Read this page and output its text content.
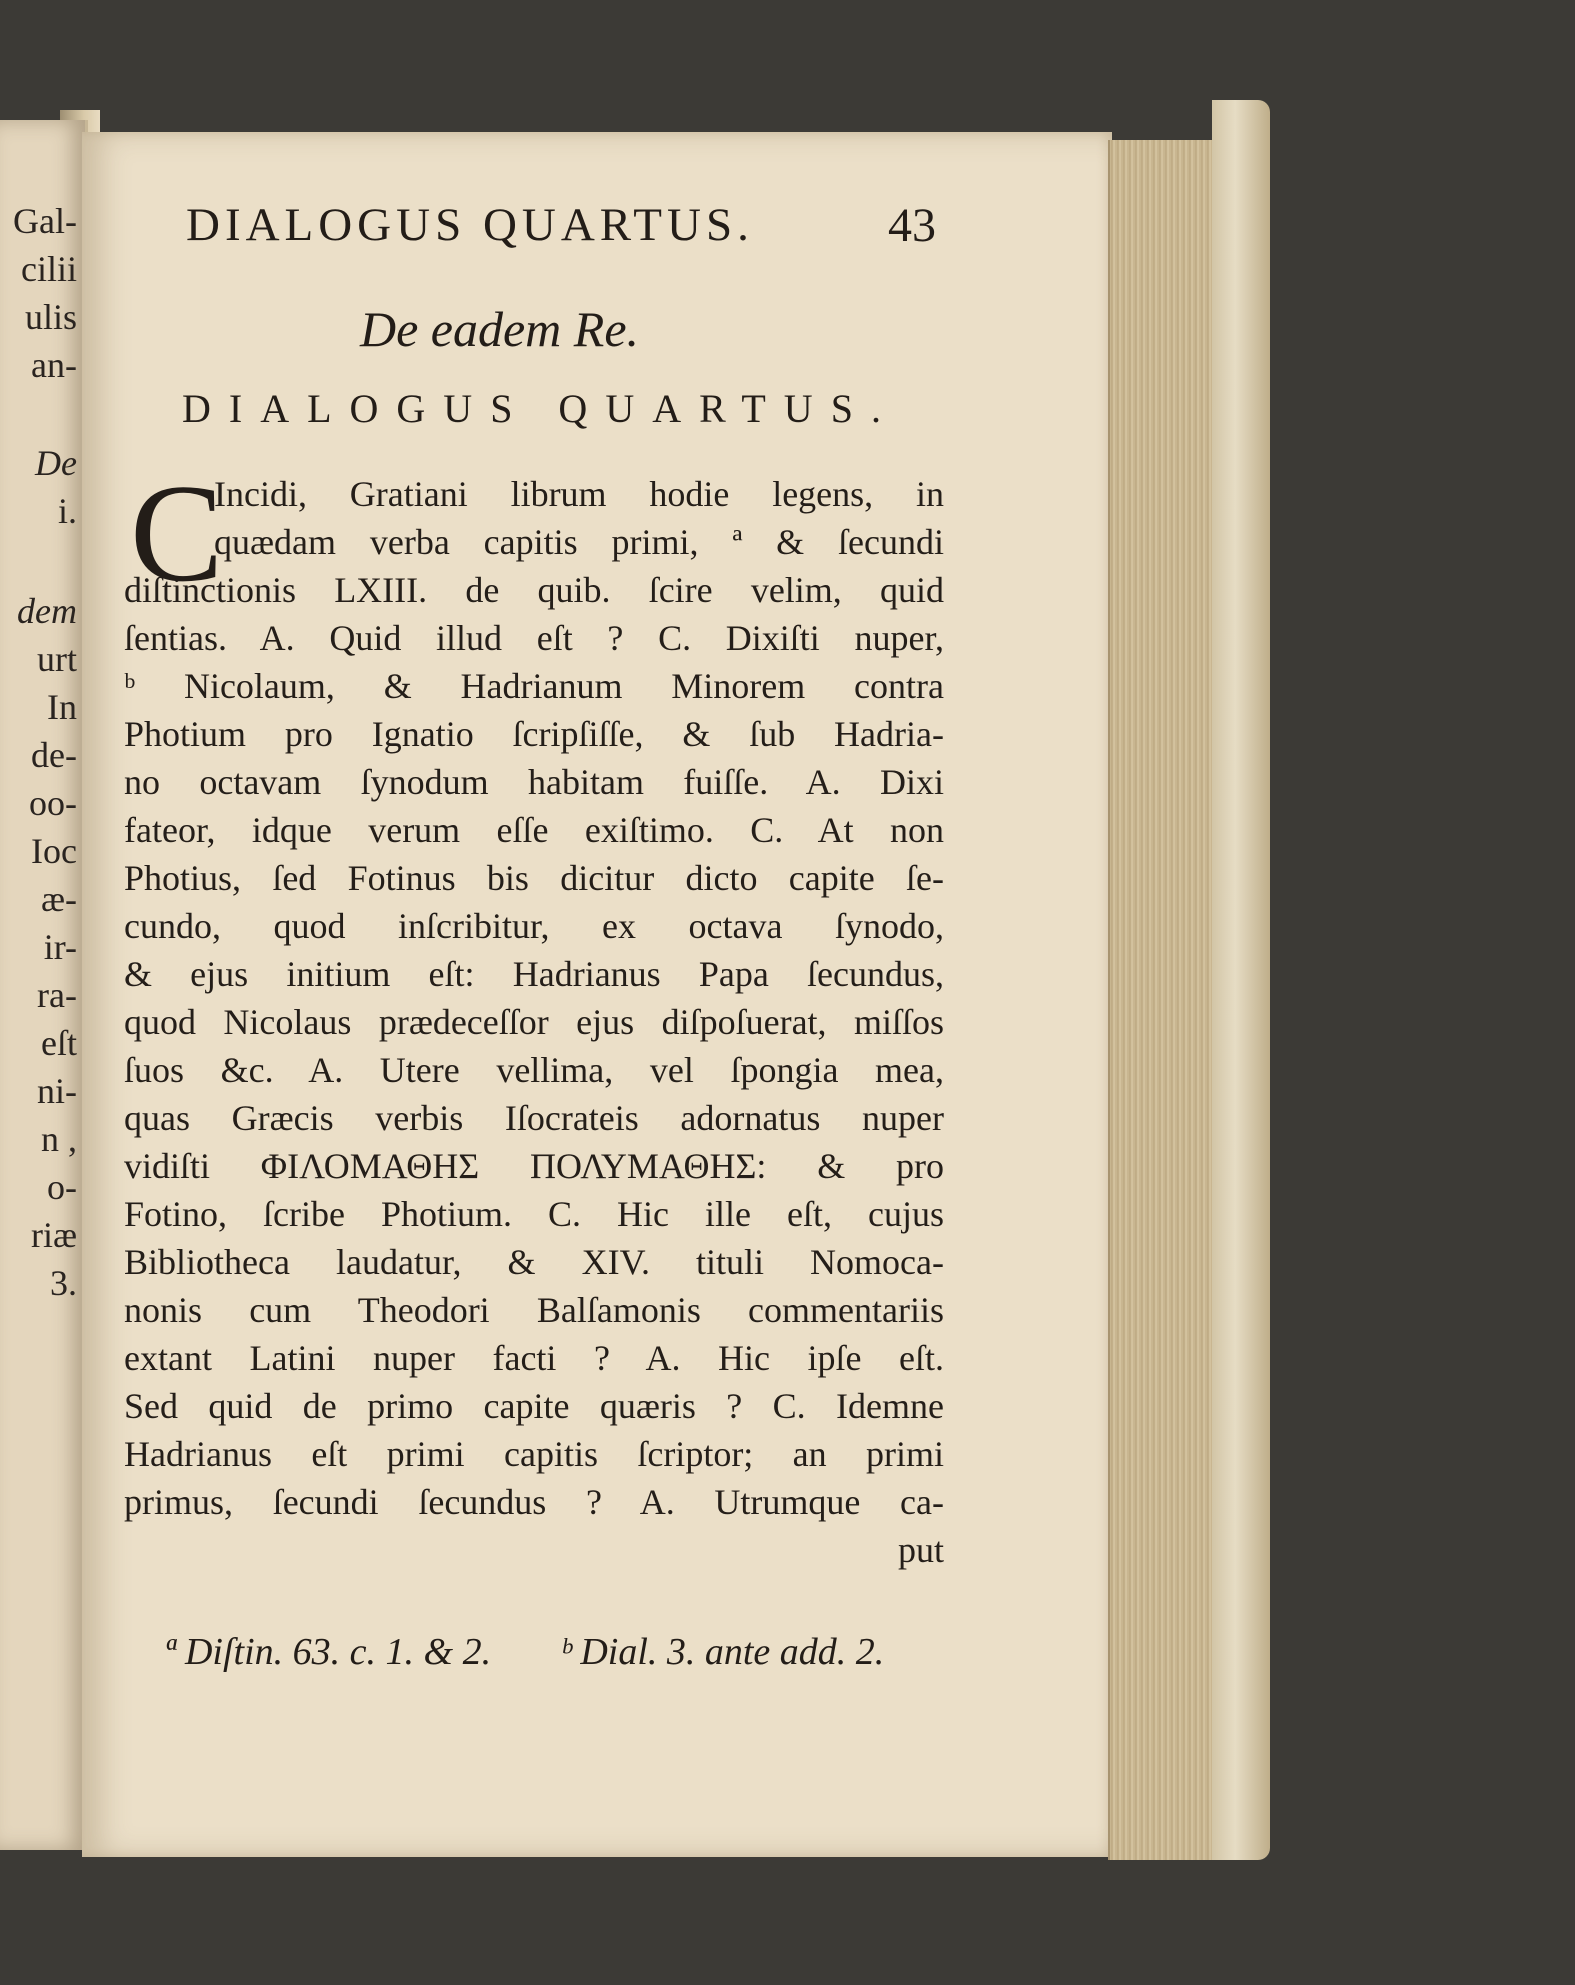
Gal-
cilii
ulis
an-
De
i.
dem
urt
In
de-
oo-
Ioc
æ-
ir-
ra-
eſt
ni-
n ,
o-
riæ
3.
DIALOGUS QUARTUS.	43
De eadem Re.
DIALOGUS QUARTUS.
C
Incidi, Gratiani librum hodie legens, in
quædam verba capitis primi, ª & ſecundi
diſtinctionis LXIII. de quib. ſcire velim, quid
ſentias. A. Quid illud eſt ? C. Dixiſti nuper,
ᵇ Nicolaum, & Hadrianum Minorem contra
Photium pro Ignatio ſcripſiſſe, & ſub Hadria-
no octavam ſynodum habitam fuiſſe. A. Dixi
fateor, idque verum eſſe exiſtimo. C. At non
Photius, ſed Fotinus bis dicitur dicto capite ſe-
cundo, quod inſcribitur, ex octava ſynodo,
& ejus initium eſt: Hadrianus Papa ſecundus,
quod Nicolaus prædeceſſor ejus diſpoſuerat, miſſos
ſuos &c. A. Utere vellima, vel ſpongia mea,
quas Græcis verbis Iſocrateis adornatus nuper
vidiſti ΦΙΛΟΜΑΘΗΣ ΠΟΛΥΜΑΘΗΣ: & pro
Fotino, ſcribe Photium. C. Hic ille eſt, cujus
Bibliotheca laudatur, & XIV. tituli Nomoca-
nonis cum Theodori Balſamonis commentariis
extant Latini nuper facti ? A. Hic ipſe eſt.
Sed quid de primo capite quæris ? C. Idemne
Hadrianus eſt primi capitis ſcriptor; an primi
primus, ſecundi ſecundus ? A. Utrumque ca-
put
ª Diſtin. 63. c. 1. & 2. ᵇ Dial. 3. ante add. 2.
